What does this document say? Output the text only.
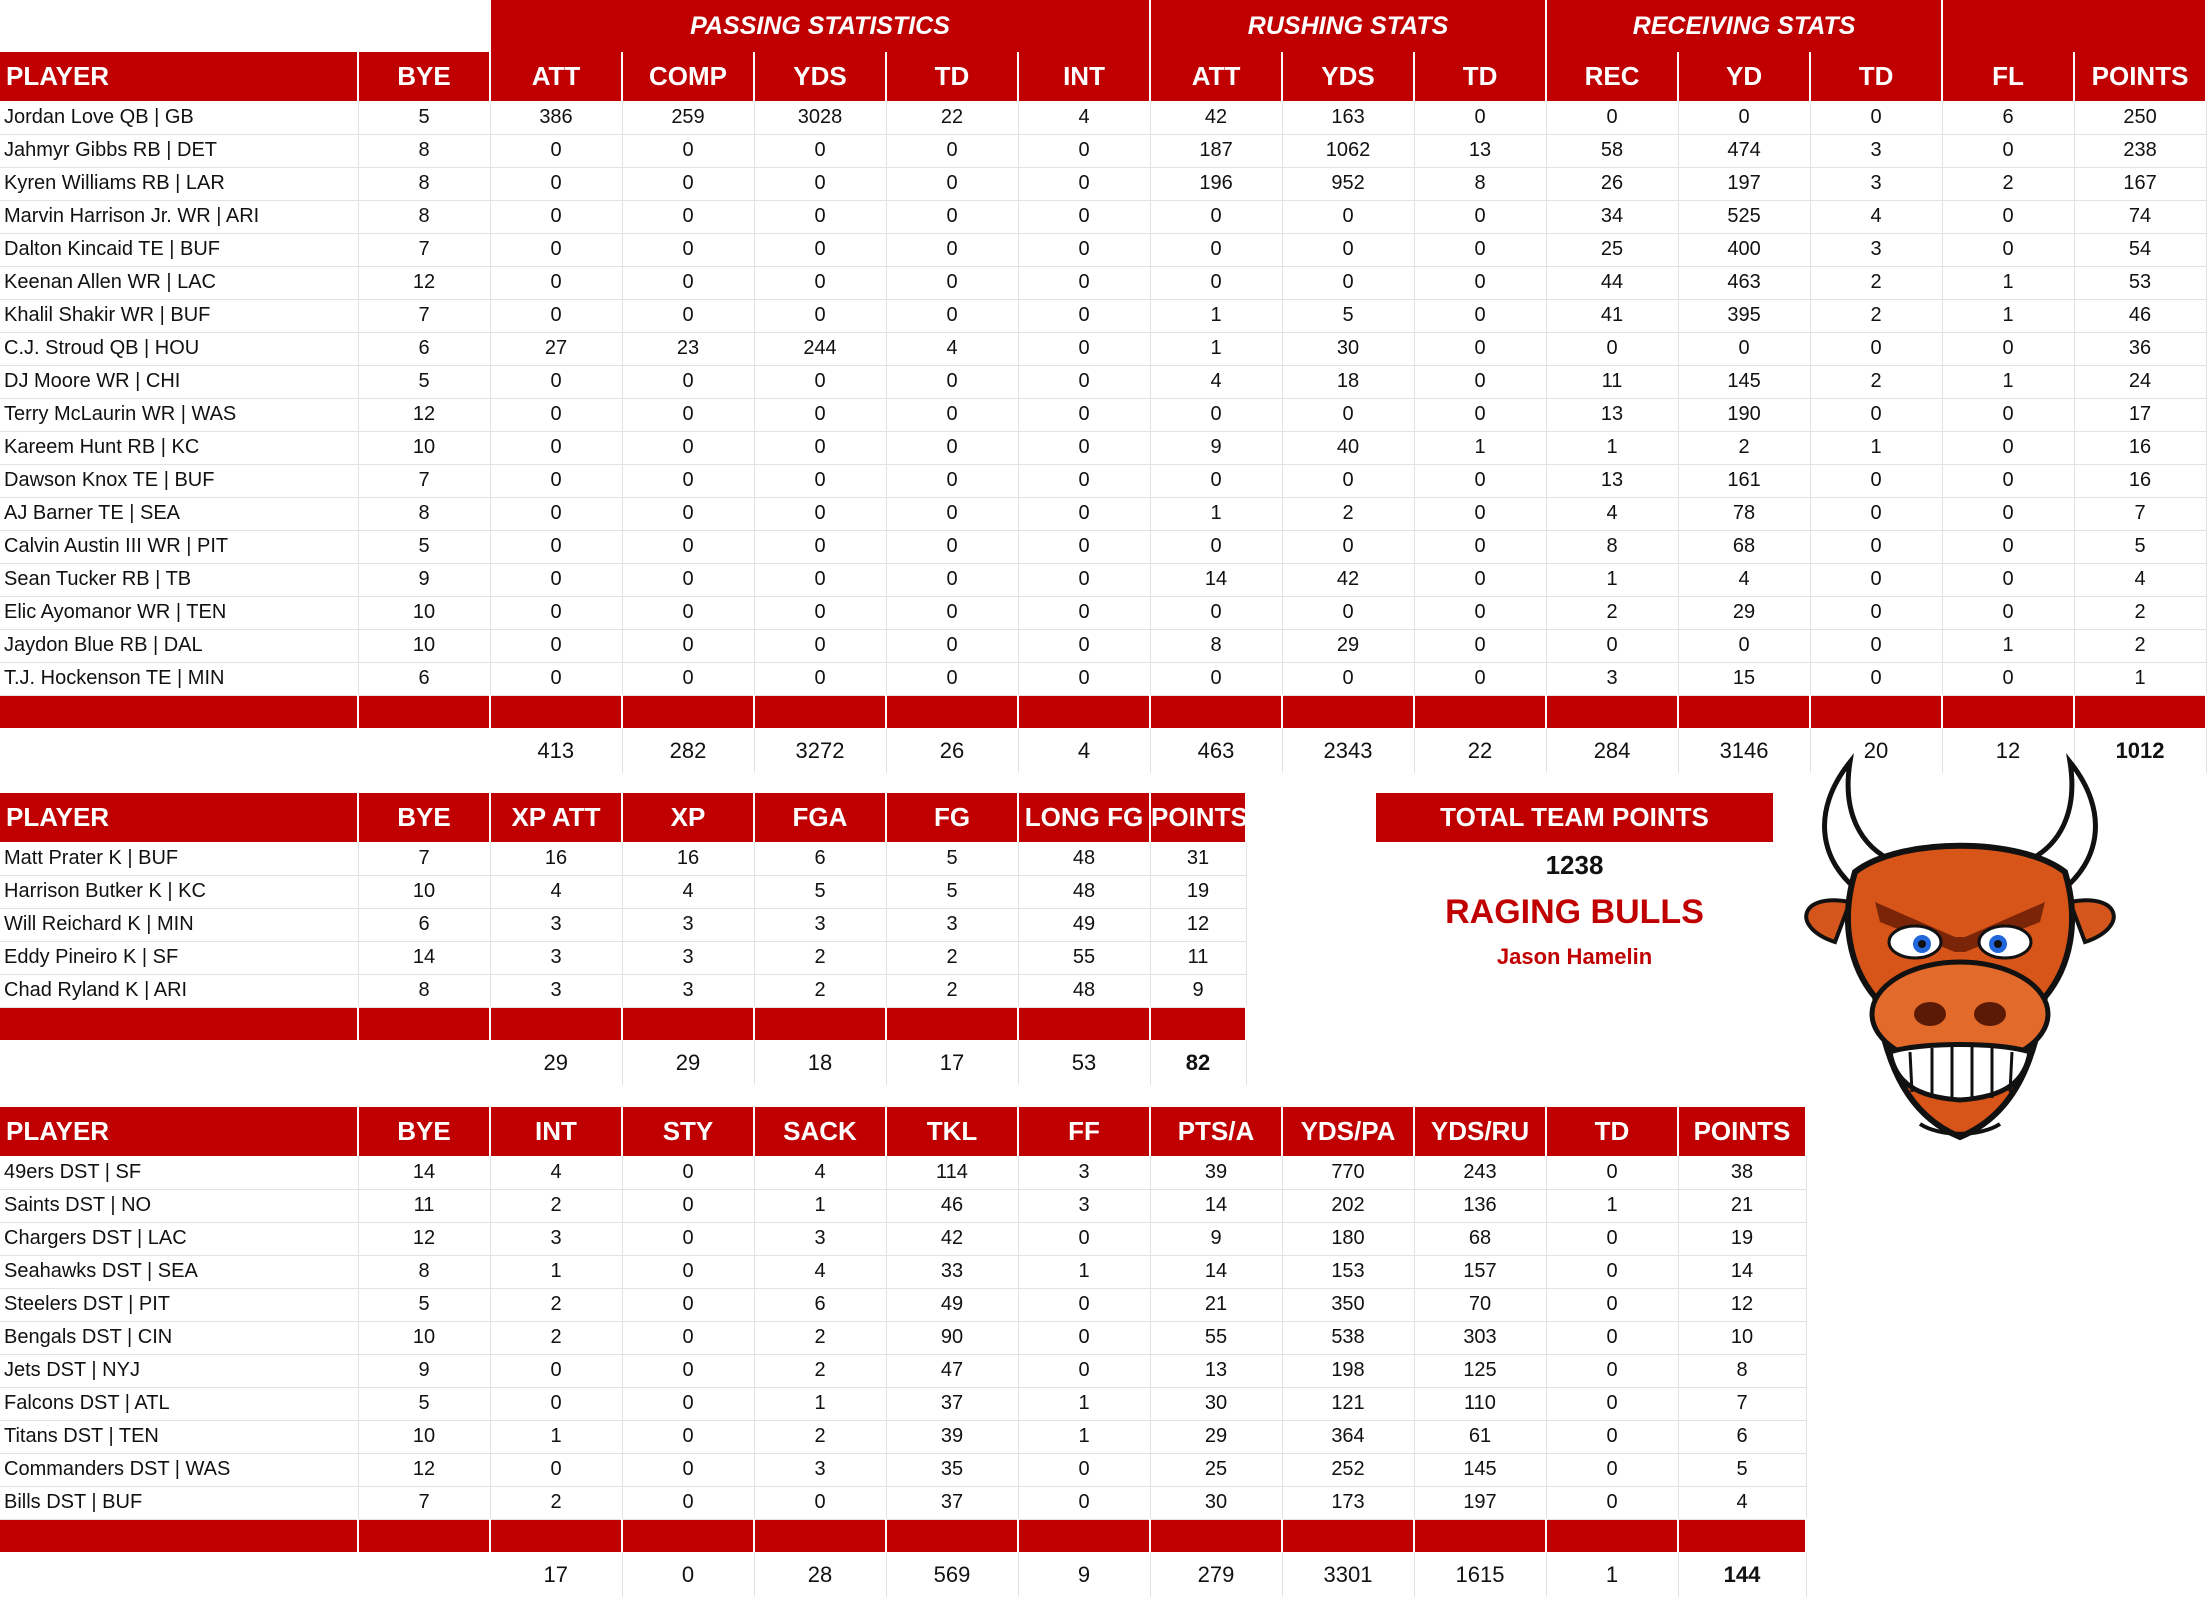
		PASSING STATISTICS					RUSHING STATS			RECEIVING STATS				
PLAYER	BYE	ATT	COMP	YDS	TD	INT	ATT	YDS	TD	REC	YD	TD	FL	POINTS
Jordan Love QB | GB	5	386	259	3028	22	4	42	163	0	0	0	0	6	250
Jahmyr Gibbs RB | DET	8	0	0	0	0	0	187	1062	13	58	474	3	0	238
Kyren Williams RB | LAR	8	0	0	0	0	0	196	952	8	26	197	3	2	167
Marvin Harrison Jr. WR | ARI	8	0	0	0	0	0	0	0	0	34	525	4	0	74
Dalton Kincaid TE | BUF	7	0	0	0	0	0	0	0	0	25	400	3	0	54
Keenan Allen WR | LAC	12	0	0	0	0	0	0	0	0	44	463	2	1	53
Khalil Shakir WR | BUF	7	0	0	0	0	0	1	5	0	41	395	2	1	46
C.J. Stroud QB | HOU	6	27	23	244	4	0	1	30	0	0	0	0	0	36
DJ Moore WR | CHI	5	0	0	0	0	0	4	18	0	11	145	2	1	24
Terry McLaurin WR | WAS	12	0	0	0	0	0	0	0	0	13	190	0	0	17
Kareem Hunt RB | KC	10	0	0	0	0	0	9	40	1	1	2	1	0	16
Dawson Knox TE | BUF	7	0	0	0	0	0	0	0	0	13	161	0	0	16
AJ Barner TE | SEA	8	0	0	0	0	0	1	2	0	4	78	0	0	7
Calvin Austin III WR | PIT	5	0	0	0	0	0	0	0	0	8	68	0	0	5
Sean Tucker RB | TB	9	0	0	0	0	0	14	42	0	1	4	0	0	4
Elic Ayomanor WR | TEN	10	0	0	0	0	0	0	0	0	2	29	0	0	2
Jaydon Blue RB | DAL	10	0	0	0	0	0	8	29	0	0	0	0	1	2
T.J. Hockenson TE | MIN	6	0	0	0	0	0	0	0	0	3	15	0	0	1

		413	282	3272	26	4	463	2343	22	284	3146	20	12	1012
PLAYER	BYE	XP ATT	XP	FGA	FG	LONG FG	POINTS
Matt Prater K | BUF	7	16	16	6	5	48	31
Harrison Butker K | KC	10	4	4	5	5	48	19
Will Reichard K | MIN	6	3	3	3	3	49	12
Eddy Pineiro K | SF	14	3	3	2	2	55	11
Chad Ryland K | ARI	8	3	3	2	2	48	9

		29	29	18	17	53	82
PLAYER	BYE	INT	STY	SACK	TKL	FF	PTS/A	YDS/PA	YDS/RU	TD	POINTS
49ers DST | SF	14	4	0	4	114	3	39	770	243	0	38
Saints DST | NO	11	2	0	1	46	3	14	202	136	1	21
Chargers DST | LAC	12	3	0	3	42	0	9	180	68	0	19
Seahawks DST | SEA	8	1	0	4	33	1	14	153	157	0	14
Steelers DST | PIT	5	2	0	6	49	0	21	350	70	0	12
Bengals DST | CIN	10	2	0	2	90	0	55	538	303	0	10
Jets DST | NYJ	9	0	0	2	47	0	13	198	125	0	8
Falcons DST | ATL	5	0	0	1	37	1	30	121	110	0	7
Titans DST | TEN	10	1	0	2	39	1	29	364	61	0	6
Commanders DST | WAS	12	0	0	3	35	0	25	252	145	0	5
Bills DST | BUF	7	2	0	0	37	0	30	173	197	0	4

		17	0	28	569	9	279	3301	1615	1	144
TOTAL TEAM POINTS
1238
RAGING BULLS
Jason Hamelin
